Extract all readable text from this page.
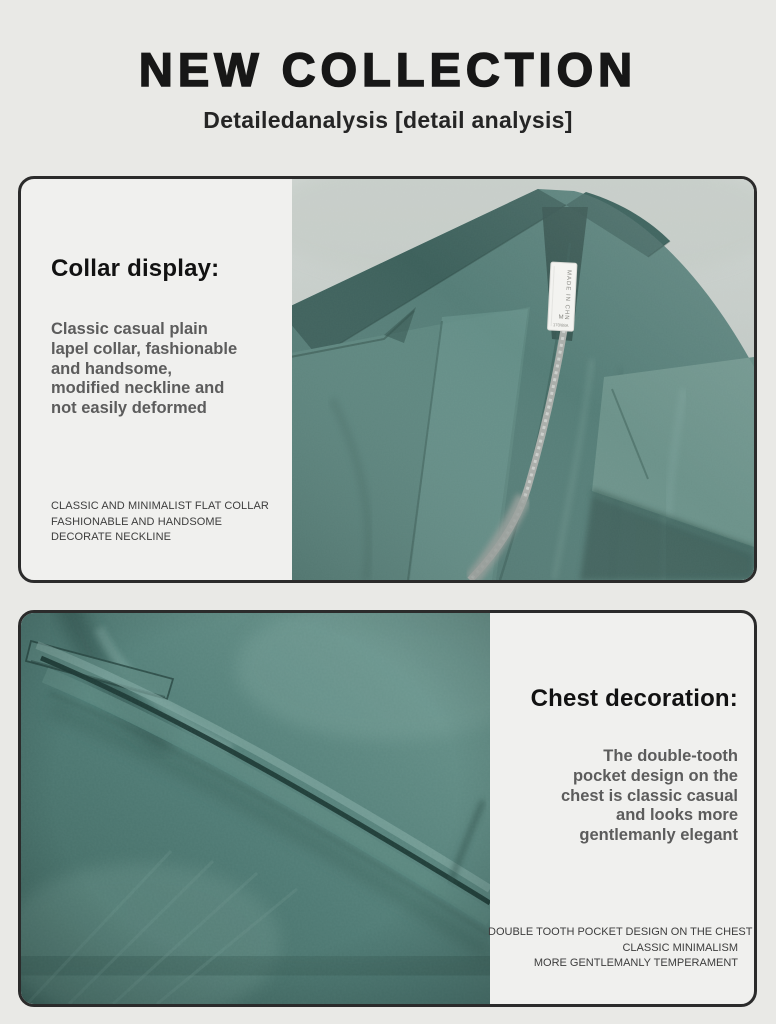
NEW COLLECTION
Detailedanalysis [detail analysis]
Collar display:
Classic casual plain
lapel collar, fashionable
and handsome,
modified neckline and
not easily deformed
CLASSIC AND MINIMALIST FLAT COLLAR
FASHIONABLE AND HANDSOME
DECORATE NECKLINE
Chest decoration:
The double-tooth
pocket design on the
chest is classic casual
and looks more
gentlemanly elegant
DOUBLE TOOTH POCKET DESIGN ON THE CHEST
CLASSIC MINIMALISM
MORE GENTLEMANLY TEMPERAMENT
